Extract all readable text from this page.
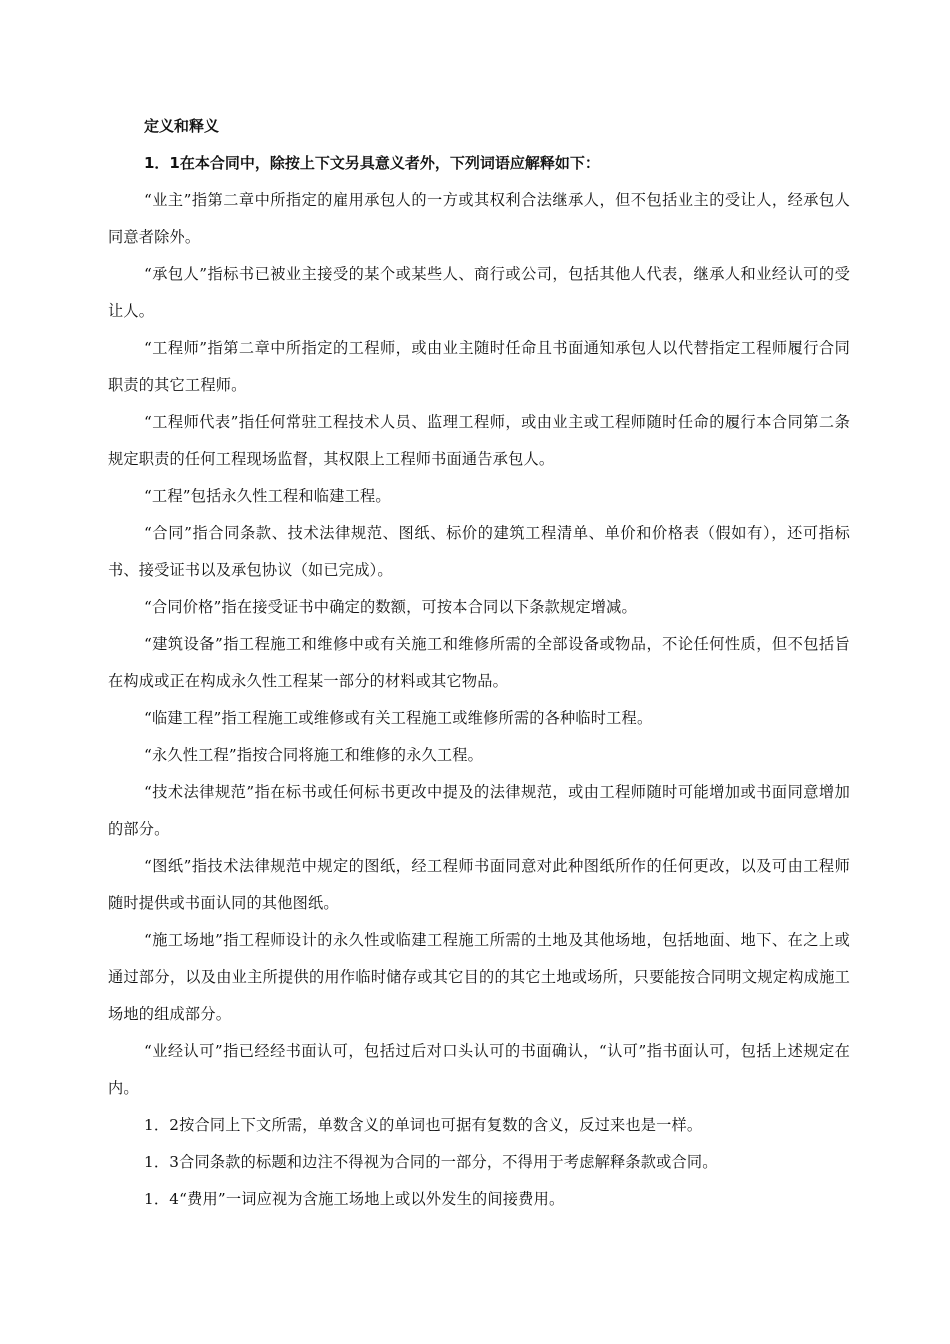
定义和释义

1．1在本合同中，除按上下文另具意义者外，下列词语应解释如下：

“业主”指第二章中所指定的雇用承包人的一方或其权利合法继承人，但不包括业主的受让人，经承包人同意者除外。

“承包人”指标书已被业主接受的某个或某些人、商行或公司，包括其他人代表，继承人和业经认可的受让人。

“工程师”指第二章中所指定的工程师，或由业主随时任命且书面通知承包人以代替指定工程师履行合同职责的其它工程师。

“工程师代表”指任何常驻工程技术人员、监理工程师，或由业主或工程师随时任命的履行本合同第二条规定职责的任何工程现场监督，其权限上工程师书面通告承包人。

“工程”包括永久性工程和临建工程。

“合同”指合同条款、技术法律规范、图纸、标价的建筑工程清单、单价和价格表（假如有），还可指标书、接受证书以及承包协议（如已完成）。

“合同价格”指在接受证书中确定的数额，可按本合同以下条款规定增减。

“建筑设备”指工程施工和维修中或有关施工和维修所需的全部设备或物品，不论任何性质，但不包括旨在构成或正在构成永久性工程某一部分的材料或其它物品。

“临建工程”指工程施工或维修或有关工程施工或维修所需的各种临时工程。

“永久性工程”指按合同将施工和维修的永久工程。

“技术法律规范”指在标书或任何标书更改中提及的法律规范，或由工程师随时可能增加或书面同意增加的部分。

“图纸”指技术法律规范中规定的图纸，经工程师书面同意对此种图纸所作的任何更改，以及可由工程师随时提供或书面认同的其他图纸。

“施工场地”指工程师设计的永久性或临建工程施工所需的土地及其他场地，包括地面、地下、在之上或通过部分，以及由业主所提供的用作临时储存或其它目的的其它土地或场所，只要能按合同明文规定构成施工场地的组成部分。

“业经认可”指已经经书面认可，包括过后对口头认可的书面确认，“认可”指书面认可，包括上述规定在内。

1．2按合同上下文所需，单数含义的单词也可据有复数的含义，反过来也是一样。

1．3合同条款的标题和边注不得视为合同的一部分，不得用于考虑解释条款或合同。

1．4“费用”一词应视为含施工场地上或以外发生的间接费用。
